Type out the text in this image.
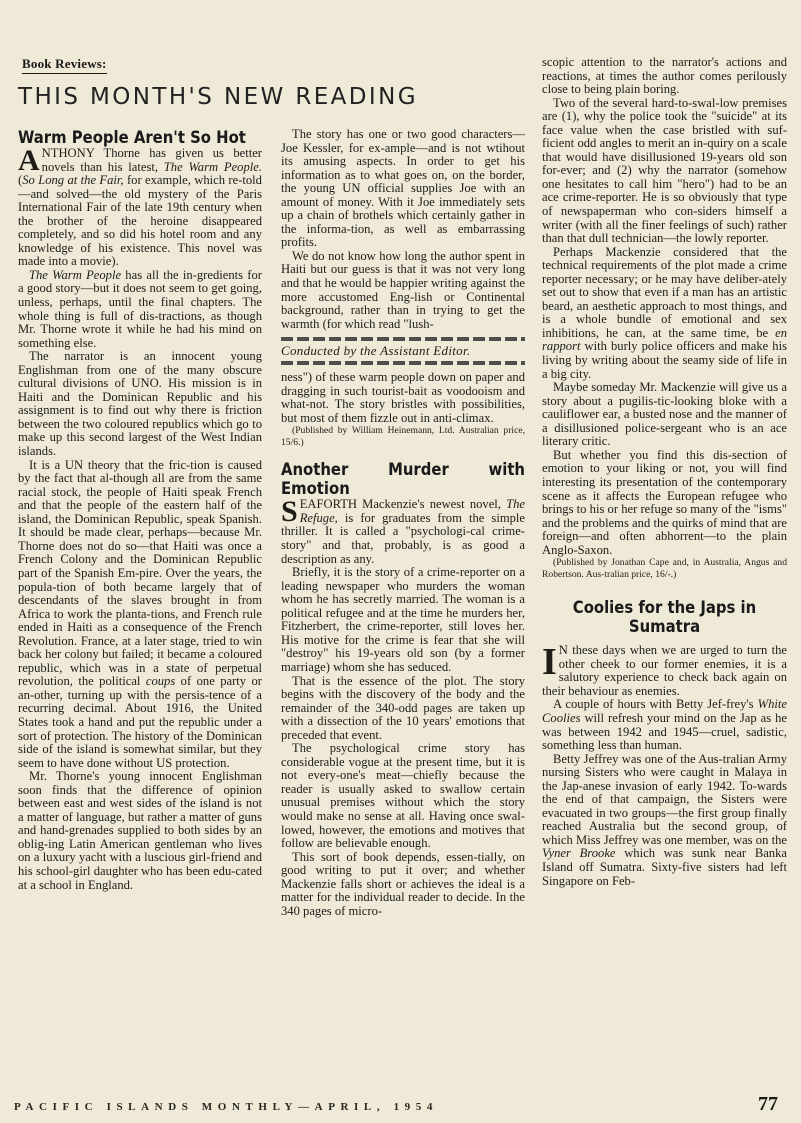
Book Reviews:
THIS MONTH'S NEW READING

Warm People Aren't So Hot

ANTHONY Thorne has given us better novels than his latest, The Warm People. (So Long at the Fair, for example, which re-told—and solved—the old mystery of the Paris International Fair of the late 19th century when the brother of the heroine disappeared completely, and so did his hotel room and any knowledge of his existence. This novel was made into a movie).

The Warm People has all the in-gredients for a good story—but it does not seem to get going, unless, perhaps, until the final chapters. The whole thing is full of dis-tractions, as though Mr. Thorne wrote it while he had his mind on something else.

The narrator is an innocent young Englishman from one of the many obscure cultural divisions of UNO. His mission is in Haiti and the Dominican Republic and his assignment is to find out why there is friction between the two coloured republics which go to make up this second largest of the West Indian islands.

It is a UN theory that the fric-tion is caused by the fact that al-though all are from the same racial stock, the people of Haiti speak French and that the people of the eastern half of the island, the Dominican Republic, speak Spanish. It should be made clear, perhaps—because Mr. Thorne does not do so—that Haiti was once a French Colony and the Dominican Republic part of the Spanish Em-pire. Over the years, the popula-tion of both became largely that of descendants of the slaves brought in from Africa to work the planta-tions, and French rule ended in Haiti as a consequence of the French Revolution. France, at a later stage, tried to win back her colony but failed; it became a coloured republic, which was in a state of perpetual revolution, the political coups of one party or an-other, turning up with the persis-tence of a recurring decimal. About 1916, the United States took a hand and put the republic under a sort of protection. The history of the Dominican side of the island is somewhat similar, but they seem to have done without US protection.

Mr. Thorne's young innocent Englishman soon finds that the difference of opinion between east and west sides of the island is not a matter of language, but rather a matter of guns and hand-grenades supplied to both sides by an oblig-ing Latin American gentleman who lives on a luxury yacht with a luscious girl-friend and his school-girl daughter who has been edu-cated at a school in England.

The story has one or two good characters—Joe Kessler, for ex-ample—and is not wtihout its amusing aspects. In order to get his information as to what goes on, on the border, the young UN official supplies Joe with an amount of money. With it Joe immediately sets up a chain of brothels which certainly gather in the informa-tion, as well as embarrassing profits.

We do not know how long the author spent in Haiti but our guess is that it was not very long and that he would be happier writing against the more accustomed Eng-lish or Continental background, rather than in trying to get the warmth (for which read "lush-

Conducted by the Assistant Editor.

ness") of these warm people down on paper and dragging in such tourist-bait as voodooism and what-not. The story bristles with possibilities, but most of them fizzle out in anti-climax.

(Published by William Heinemann, Ltd. Australian price, 15/6.)

Another Murder with Emotion

SEAFORTH Mackenzie's newest novel, The Refuge, is for graduates from the simple thriller. It is called a "psychologi-cal crime-story" and that, probably, is as good a description as any.

Briefly, it is the story of a crime-reporter on a leading newspaper who murders the woman whom he has secretly married. The woman is a political refugee and at the time he murders her, Fitzherbert, the crime-reporter, still loves her. His motive for the crime is fear that she will "destroy" his 19-years old son (by a former marriage) whom she has seduced.

That is the essence of the plot. The story begins with the discovery of the body and the remainder of the 340-odd pages are taken up with a dissection of the 10 years' emotions that preceded that event.

The psychological crime story has considerable vogue at the present time, but it is not every-one's meat—chiefly because the reader is usually asked to swallow certain unusual premises without which the story would make no sense at all. Having once swal-lowed, however, the emotions and motives that follow are believable enough.

This sort of book depends, essen-tially, on good writing to put it over; and whether Mackenzie falls short or achieves the ideal is a matter for the individual reader to decide. In the 340 pages of micro-

scopic attention to the narrator's actions and reactions, at times the author comes perilously close to being plain boring.

Two of the several hard-to-swal-low premises are (1), why the police took the "suicide" at its face value when the case bristled with suf-ficient odd angles to merit an in-quiry on a scale that would have disillusioned 19-years old son for-ever; and (2) why the narrator (somehow one hesitates to call him "hero") had to be an ace crime-reporter. He is so obviously that type of newspaperman who con-siders himself a writer (with all the finer feelings of such) rather than that dull technician—the lowly reporter.

Perhaps Mackenzie considered that the technical requirements of the plot made a crime reporter necessary; or he may have deliber-ately set out to show that even if a man has an artistic beard, an aesthetic approach to most things, and is a whole bundle of emotional and sex inhibitions, he can, at the same time, be en rapport with burly police officers and make his living by writing about the seamy side of life in a big city.

Maybe someday Mr. Mackenzie will give us a story about a pugilis-tic-looking bloke with a cauliflower ear, a busted nose and the manner of a disillusioned police-sergeant who is an ace literary critic.

But whether you find this dis-section of emotion to your liking or not, you will find interesting its presentation of the contemporary scene as it affects the European refugee who brings to his or her refuge so many of the "isms" and the problems and the quirks of mind that are foreign—and often abhorrent—to the plain Anglo-Saxon.

(Published by Jonathan Cape and, in Australia, Angus and Robertson. Aus-tralian price, 16/-.)

Coolies for the Japs in Sumatra

I N these days when we are urged to turn the other cheek to our former enemies, it is a salutory experience to check back again on their behaviour as enemies.

A couple of hours with Betty Jef-frey's White Coolies will refresh your mind on the Jap as he was between 1942 and 1945—cruel, sadistic, something less than human.

Betty Jeffrey was one of the Aus-tralian Army nursing Sisters who were caught in Malaya in the Jap-anese invasion of early 1942. To-wards the end of that campaign, the Sisters were evacuated in two groups—the first group finally reached Australia but the second group, of which Miss Jeffrey was one member, was on the Vyner Brooke which was sunk near Banka Island off Sumatra. Sixty-five sisters had left Singapore on Feb-

PACIFIC ISLANDS MONTHLY—APRIL, 1954	77
